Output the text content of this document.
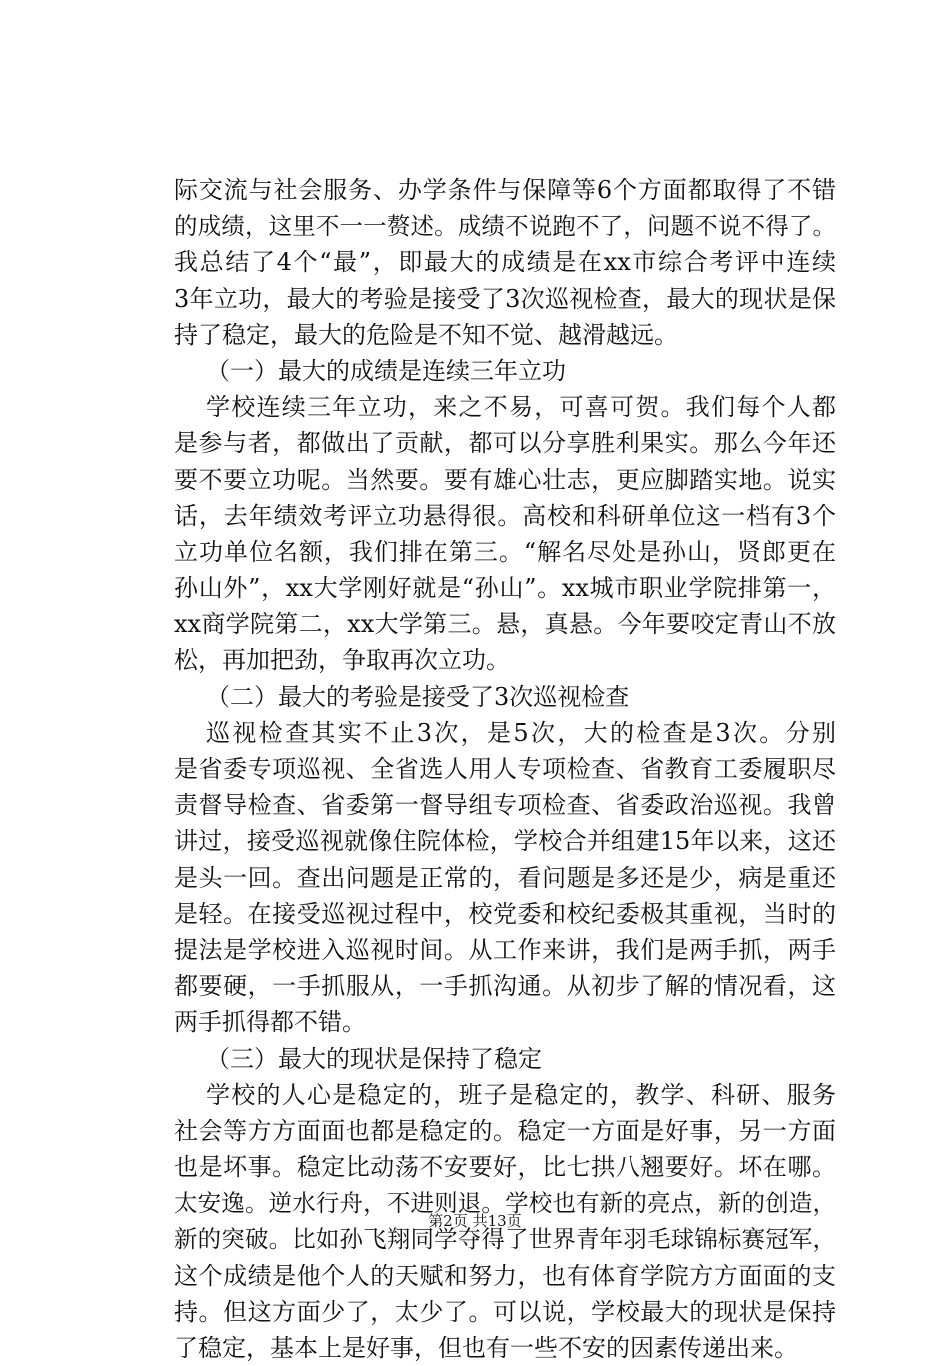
际交流与社会服务、办学条件与保障等6个方面都取得了不错
的成绩，这里不一一赘述。成绩不说跑不了，问题不说不得了。
我总结了4个“最”，即最大的成绩是在xx市综合考评中连续
3年立功，最大的考验是接受了3次巡视检查，最大的现状是保
持了稳定，最大的危险是不知不觉、越滑越远。
（一）最大的成绩是连续三年立功
学校连续三年立功，来之不易，可喜可贺。我们每个人都
是参与者，都做出了贡献，都可以分享胜利果实。那么今年还
要不要立功呢。当然要。要有雄心壮志，更应脚踏实地。说实
话，去年绩效考评立功悬得很。高校和科研单位这一档有3个
立功单位名额，我们排在第三。“解名尽处是孙山，贤郎更在
孙山外”，xx大学刚好就是“孙山”。xx城市职业学院排第一，
xx商学院第二，xx大学第三。悬，真悬。今年要咬定青山不放
松，再加把劲，争取再次立功。
（二）最大的考验是接受了3次巡视检查
巡视检查其实不止3次，是5次，大的检查是3次。分别
是省委专项巡视、全省选人用人专项检查、省教育工委履职尽
责督导检查、省委第一督导组专项检查、省委政治巡视。我曾
讲过，接受巡视就像住院体检，学校合并组建15年以来，这还
是头一回。查出问题是正常的，看问题是多还是少，病是重还
是轻。在接受巡视过程中，校党委和校纪委极其重视，当时的
提法是学校进入巡视时间。从工作来讲，我们是两手抓，两手
都要硬，一手抓服从，一手抓沟通。从初步了解的情况看，这
两手抓得都不错。
（三）最大的现状是保持了稳定
学校的人心是稳定的，班子是稳定的，教学、科研、服务
社会等方方面面也都是稳定的。稳定一方面是好事，另一方面
也是坏事。稳定比动荡不安要好，比七拱八翘要好。坏在哪。
太安逸。逆水行舟，不进则退。学校也有新的亮点，新的创造，
新的突破。比如孙飞翔同学夺得了世界青年羽毛球锦标赛冠军，
这个成绩是他个人的天赋和努力，也有体育学院方方面面的支
持。但这方面少了，太少了。可以说，学校最大的现状是保持
了稳定，基本上是好事，但也有一些不安的因素传递出来。
第2页 共13页
